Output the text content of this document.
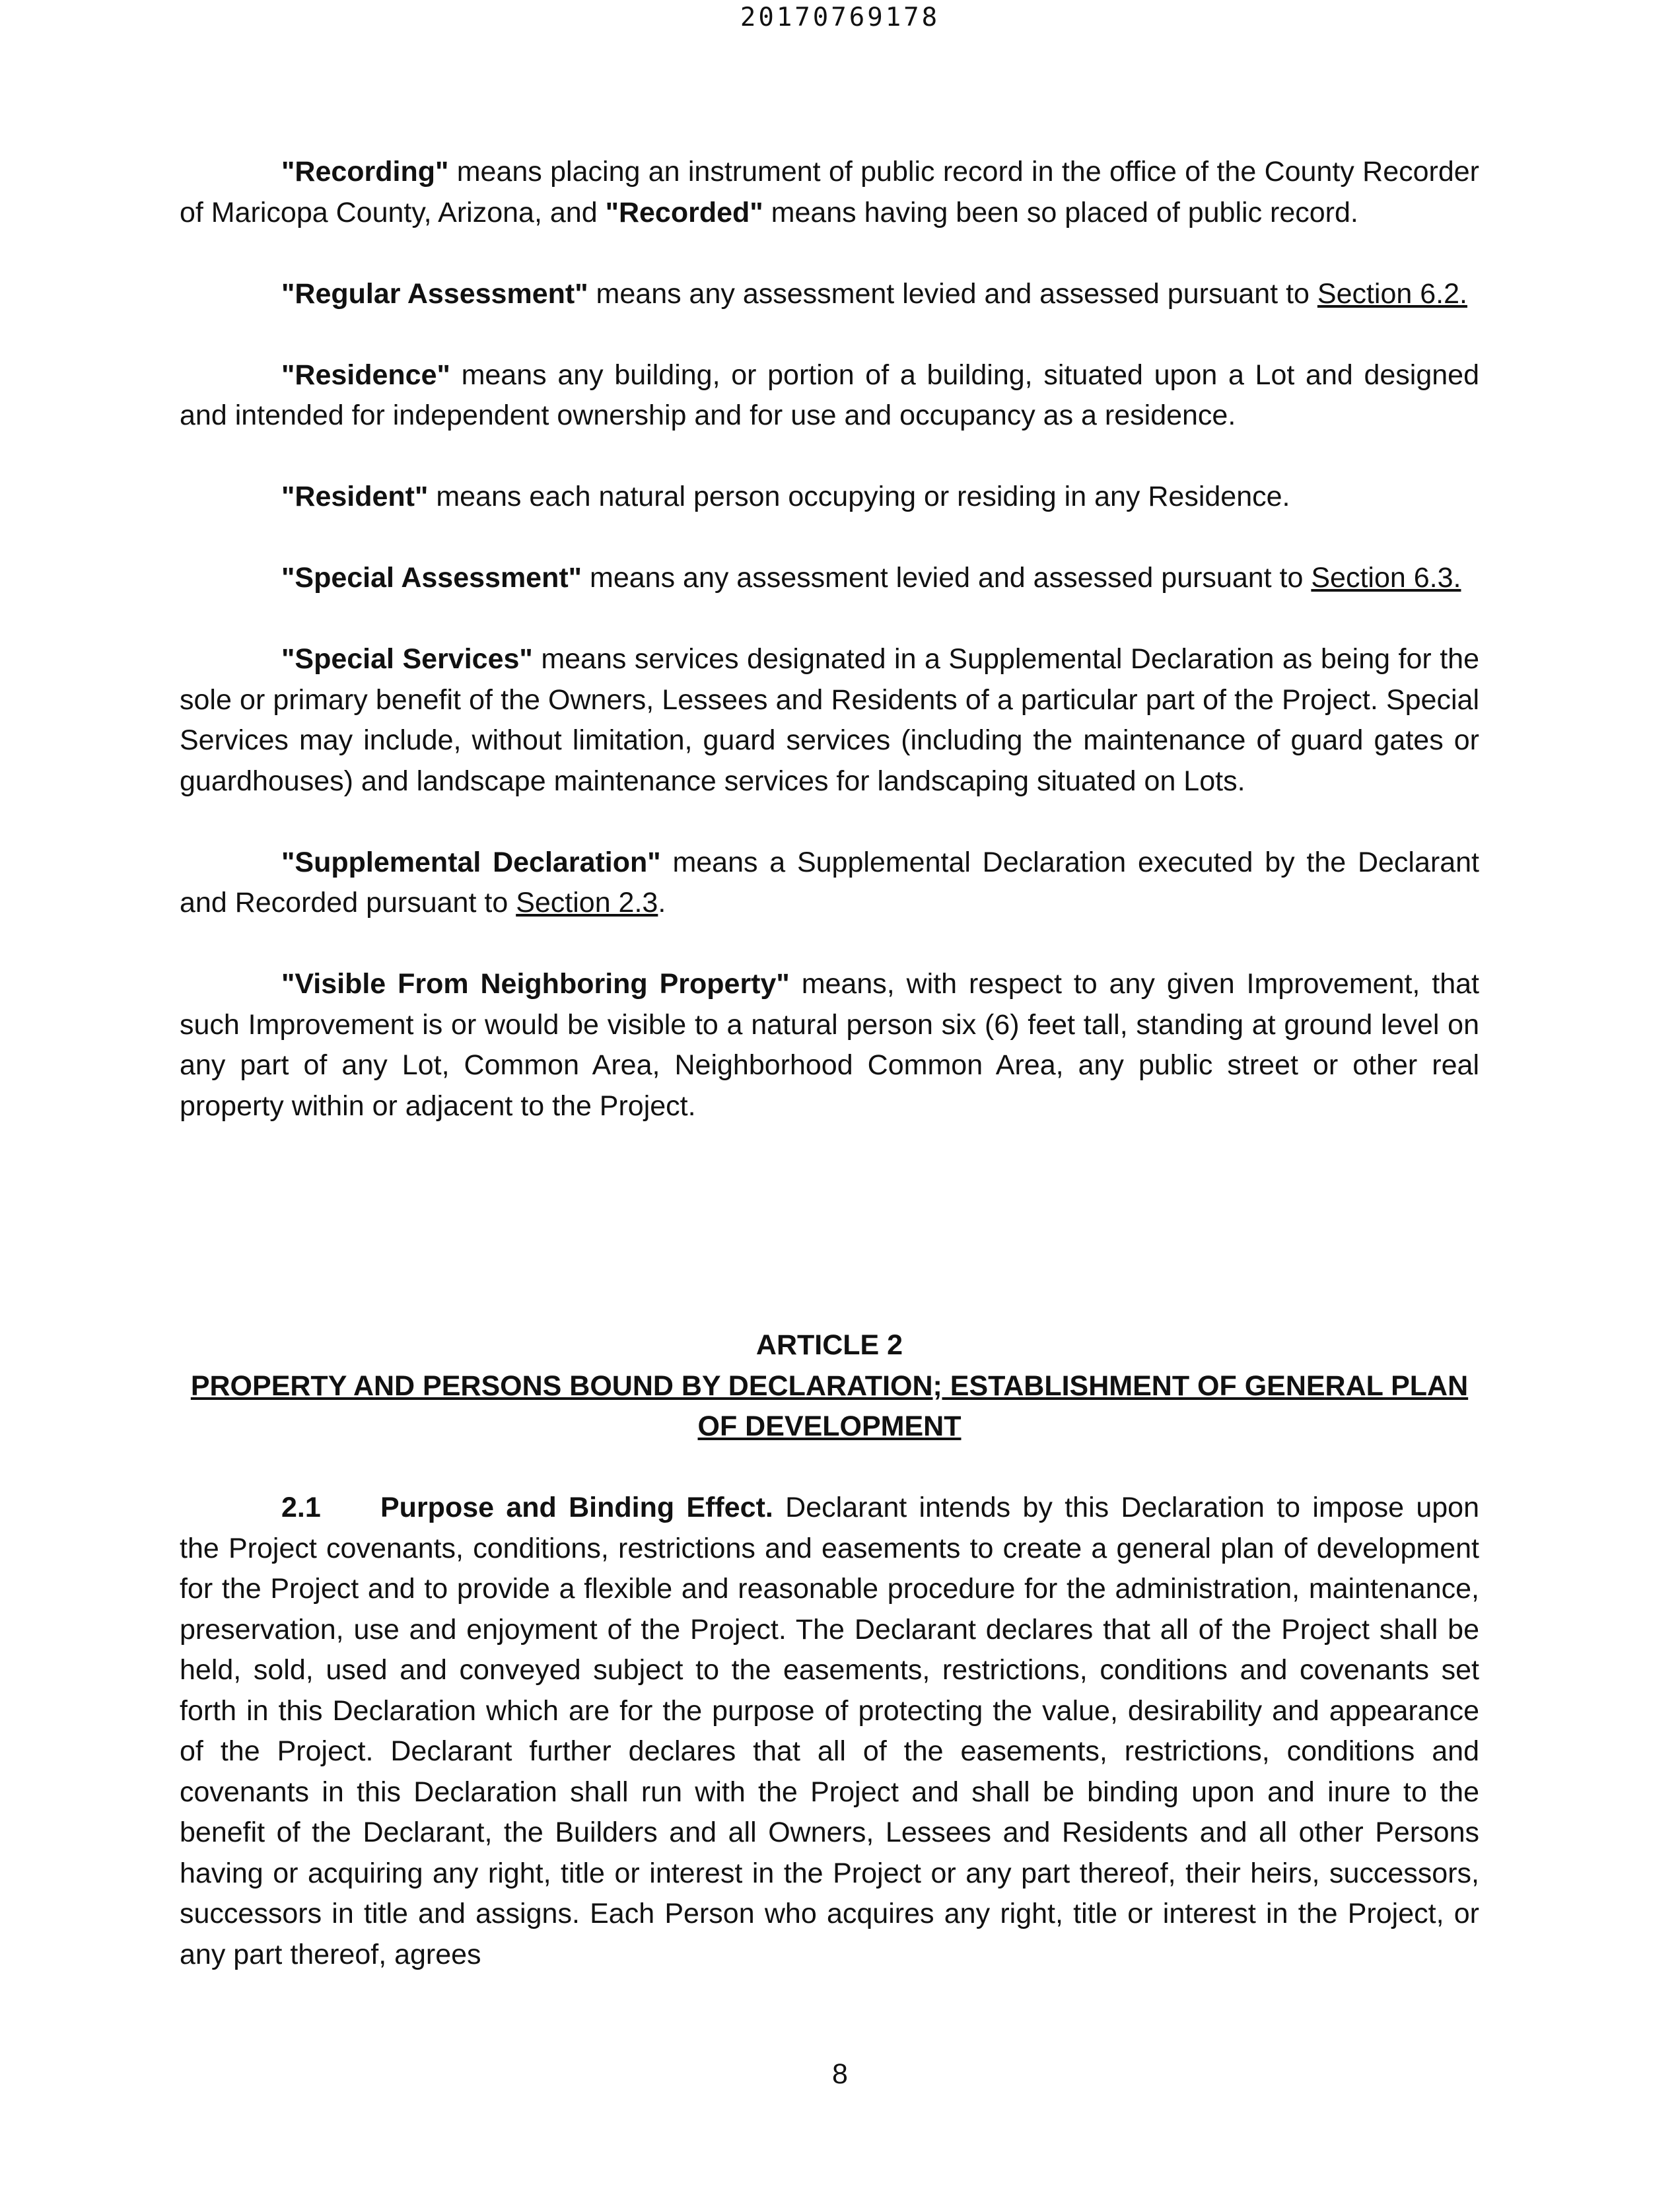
20170769178

"Recording" means placing an instrument of public record in the office of the County Recorder of Maricopa County, Arizona, and "Recorded" means having been so placed of public record.

"Regular Assessment" means any assessment levied and assessed pursuant to Section 6.2.

"Residence" means any building, or portion of a building, situated upon a Lot and designed and intended for independent ownership and for use and occupancy as a residence.

"Resident" means each natural person occupying or residing in any Residence.

"Special Assessment" means any assessment levied and assessed pursuant to Section 6.3.

"Special Services" means services designated in a Supplemental Declaration as being for the sole or primary benefit of the Owners, Lessees and Residents of a particular part of the Project. Special Services may include, without limitation, guard services (including the maintenance of guard gates or guardhouses) and landscape maintenance services for landscaping situated on Lots.

"Supplemental Declaration" means a Supplemental Declaration executed by the Declarant and Recorded pursuant to Section 2.3.

"Visible From Neighboring Property" means, with respect to any given Improvement, that such Improvement is or would be visible to a natural person six (6) feet tall, standing at ground level on any part of any Lot, Common Area, Neighborhood Common Area, any public street or other real property within or adjacent to the Project.

ARTICLE 2
PROPERTY AND PERSONS BOUND BY DECLARATION; ESTABLISHMENT OF GENERAL PLAN OF DEVELOPMENT
2.1 Purpose and Binding Effect. Declarant intends by this Declaration to impose upon the Project covenants, conditions, restrictions and easements to create a general plan of development for the Project and to provide a flexible and reasonable procedure for the administration, maintenance, preservation, use and enjoyment of the Project. The Declarant declares that all of the Project shall be held, sold, used and conveyed subject to the easements, restrictions, conditions and covenants set forth in this Declaration which are for the purpose of protecting the value, desirability and appearance of the Project. Declarant further declares that all of the easements, restrictions, conditions and covenants in this Declaration shall run with the Project and shall be binding upon and inure to the benefit of the Declarant, the Builders and all Owners, Lessees and Residents and all other Persons having or acquiring any right, title or interest in the Project or any part thereof, their heirs, successors, successors in title and assigns. Each Person who acquires any right, title or interest in the Project, or any part thereof, agrees
8
